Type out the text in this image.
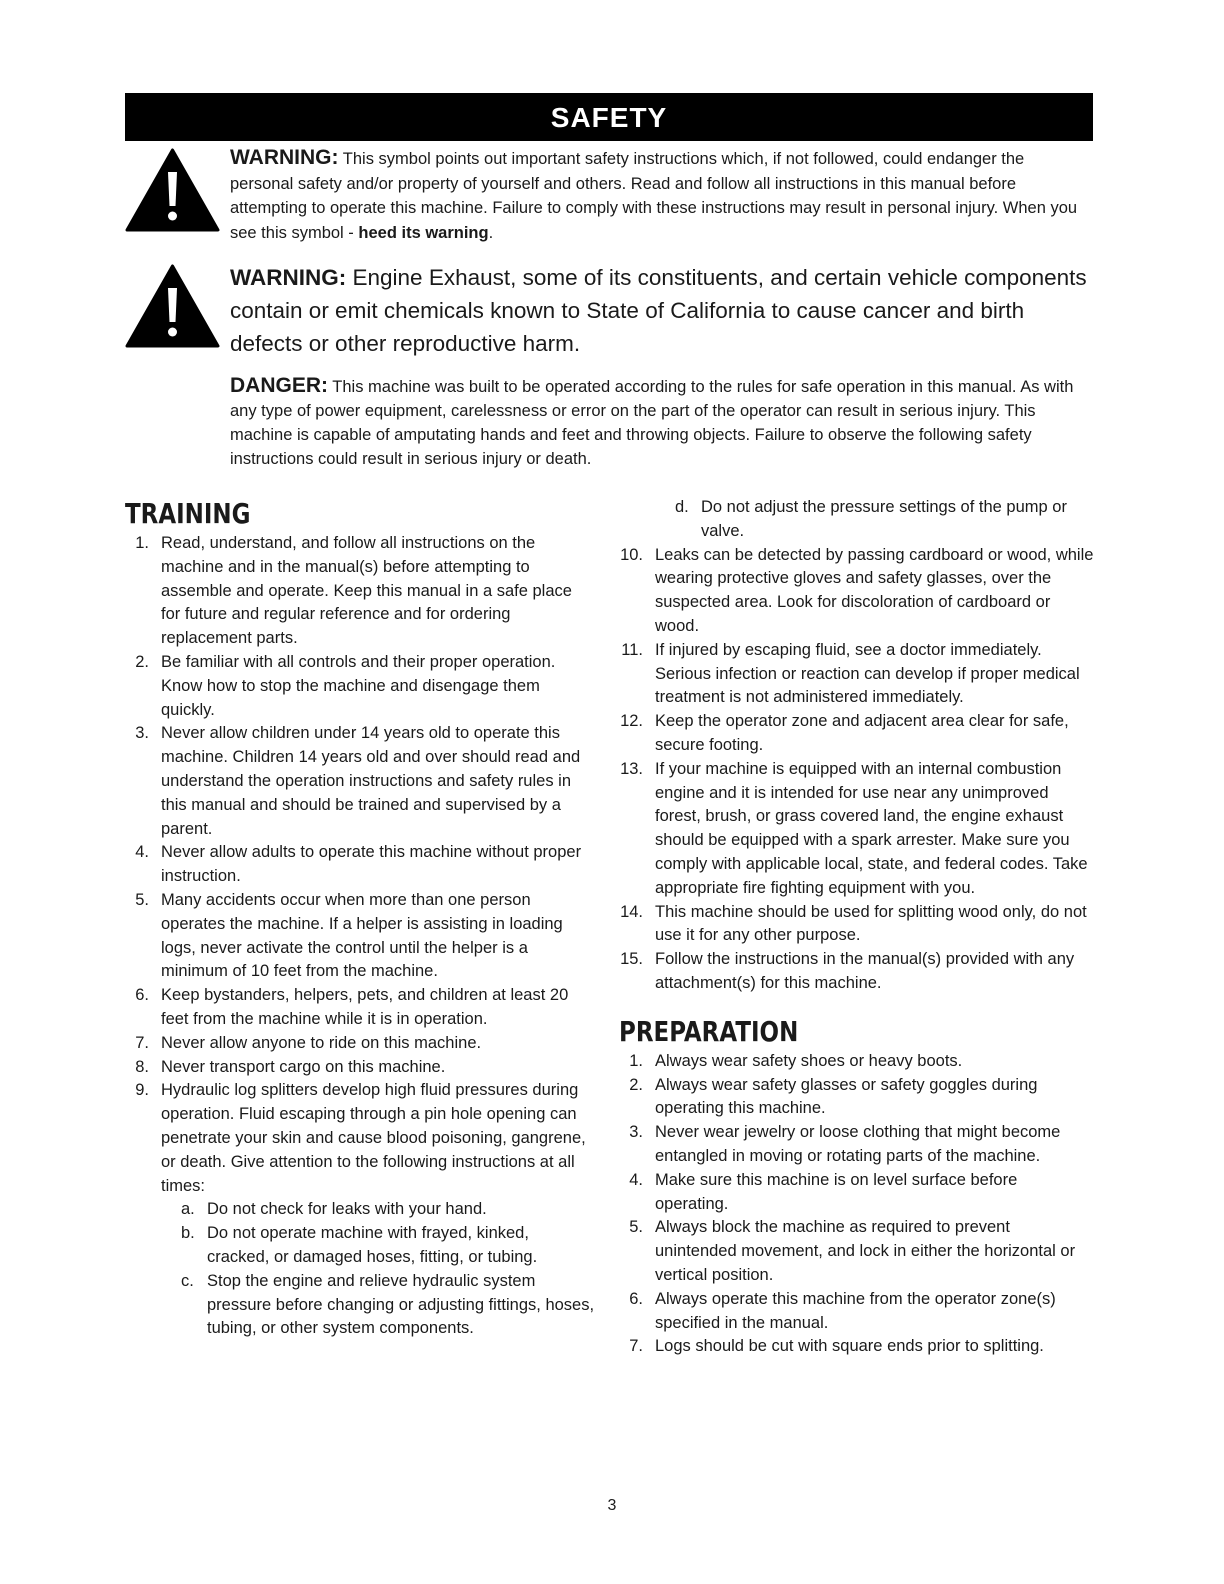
SAFETY
WARNING: This symbol points out important safety instructions which, if not followed, could endanger the personal safety and/or property of yourself and others. Read and follow all instructions in this manual before attempting to operate this machine. Failure to comply with these instructions may result in personal injury. When you see this symbol - heed its warning.
WARNING: Engine Exhaust, some of its constituents, and certain vehicle components contain or emit chemicals known to State of California to cause cancer and birth defects or other reproductive harm.
DANGER: This machine was built to be operated according to the rules for safe operation in this manual. As with any type of power equipment, carelessness or error on the part of the operator can result in serious injury. This machine is capable of amputating hands and feet and throwing objects. Failure to observe the following safety instructions could result in serious injury or death.
TRAINING
1. Read, understand, and follow all instructions on the machine and in the manual(s) before attempting to assemble and operate. Keep this manual in a safe place for future and regular reference and for ordering replacement parts.
2. Be familiar with all controls and their proper operation. Know how to stop the machine and disengage them quickly.
3. Never allow children under 14 years old to operate this machine. Children 14 years old and over should read and understand the operation instructions and safety rules in this manual and should be trained and supervised by a parent.
4. Never allow adults to operate this machine without proper instruction.
5. Many accidents occur when more than one person operates the machine. If a helper is assisting in loading logs, never activate the control until the helper is a minimum of 10 feet from the machine.
6. Keep bystanders, helpers, pets, and children at least 20 feet from the machine while it is in operation.
7. Never allow anyone to ride on this machine.
8. Never transport cargo on this machine.
9. Hydraulic log splitters develop high fluid pressures during operation. Fluid escaping through a pin hole opening can penetrate your skin and cause blood poisoning, gangrene, or death. Give attention to the following instructions at all times:
a. Do not check for leaks with your hand.
b. Do not operate machine with frayed, kinked, cracked, or damaged hoses, fitting, or tubing.
c. Stop the engine and relieve hydraulic system pressure before changing or adjusting fittings, hoses, tubing, or other system components.
d. Do not adjust the pressure settings of the pump or valve.
10. Leaks can be detected by passing cardboard or wood, while wearing protective gloves and safety glasses, over the suspected area. Look for discoloration of cardboard or wood.
11. If injured by escaping fluid, see a doctor immediately. Serious infection or reaction can develop if proper medical treatment is not administered immediately.
12. Keep the operator zone and adjacent area clear for safe, secure footing.
13. If your machine is equipped with an internal combustion engine and it is intended for use near any unimproved forest, brush, or grass covered land, the engine exhaust should be equipped with a spark arrester. Make sure you comply with applicable local, state, and federal codes. Take appropriate fire fighting equipment with you.
14. This machine should be used for splitting wood only, do not use it for any other purpose.
15. Follow the instructions in the manual(s) provided with any attachment(s) for this machine.
PREPARATION
1. Always wear safety shoes or heavy boots.
2. Always wear safety glasses or safety goggles during operating this machine.
3. Never wear jewelry or loose clothing that might become entangled in moving or rotating parts of the machine.
4. Make sure this machine is on level surface before operating.
5. Always block the machine as required to prevent unintended movement, and lock in either the horizontal or vertical position.
6. Always operate this machine from the operator zone(s) specified in the manual.
7. Logs should be cut with square ends prior to splitting.
3
